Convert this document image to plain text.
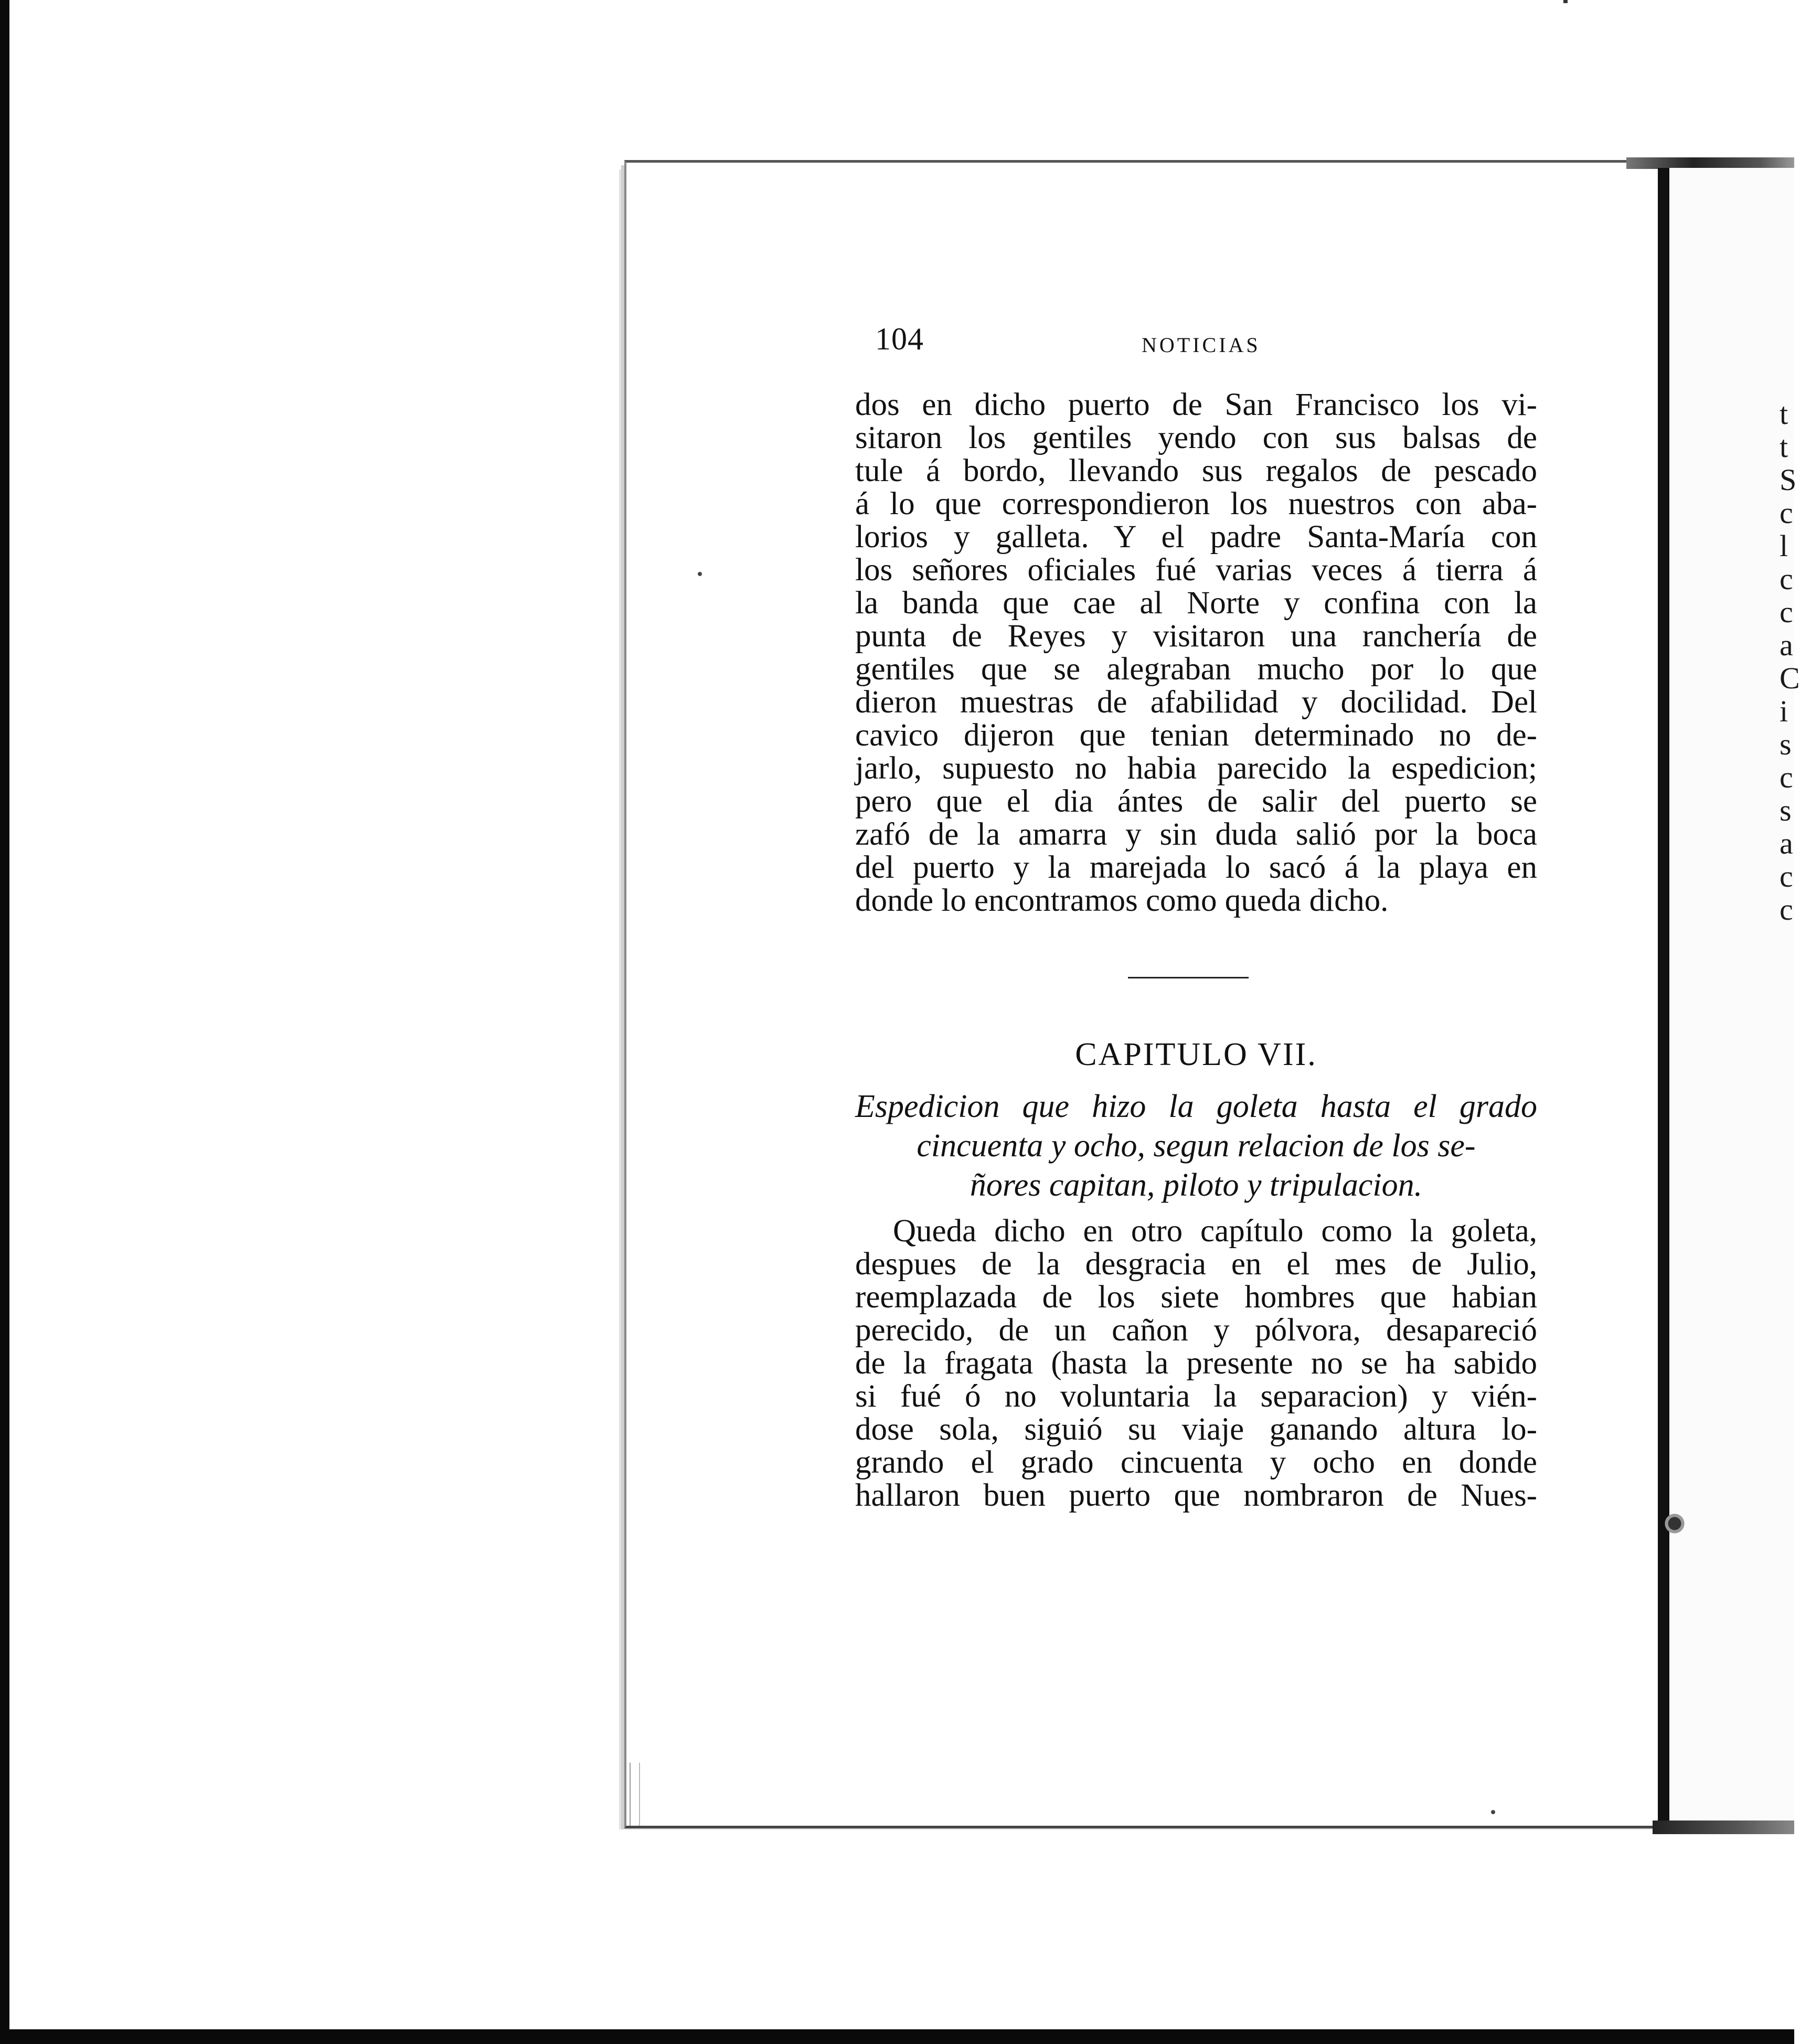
t
t
S
c
l
c
c
a
C
i
s
c
s
a
c
c
104	NOTICIAS
dos en dicho puerto de San Francisco los vi-
sitaron los gentiles yendo con sus balsas de
tule á bordo, llevando sus regalos de pescado
á lo que correspondieron los nuestros con aba-
lorios y galleta. Y el padre Santa-María con
los señores oficiales fué varias veces á tierra á
la banda que cae al Norte y confina con la
punta de Reyes y visitaron una ranchería de
gentiles que se alegraban mucho por lo que
dieron muestras de afabilidad y docilidad. Del
cavico dijeron que tenian determinado no de-
jarlo, supuesto no habia parecido la espedicion;
pero que el dia ántes de salir del puerto se
zafó de la amarra y sin duda salió por la boca
del puerto y la marejada lo sacó á la playa en
donde lo encontramos como queda dicho.
CAPITULO VII.
Espedicion que hizo la goleta hasta el grado
cincuenta y ocho, segun relacion de los se-
ñores capitan, piloto y tripulacion.
Queda dicho en otro capítulo como la goleta,
despues de la desgracia en el mes de Julio,
reemplazada de los siete hombres que habian
perecido, de un cañon y pólvora, desapareció
de la fragata (hasta la presente no se ha sabido
si fué ó no voluntaria la separacion) y vién-
dose sola, siguió su viaje ganando altura lo-
grando el grado cincuenta y ocho en donde
hallaron buen puerto que nombraron de Nues-
